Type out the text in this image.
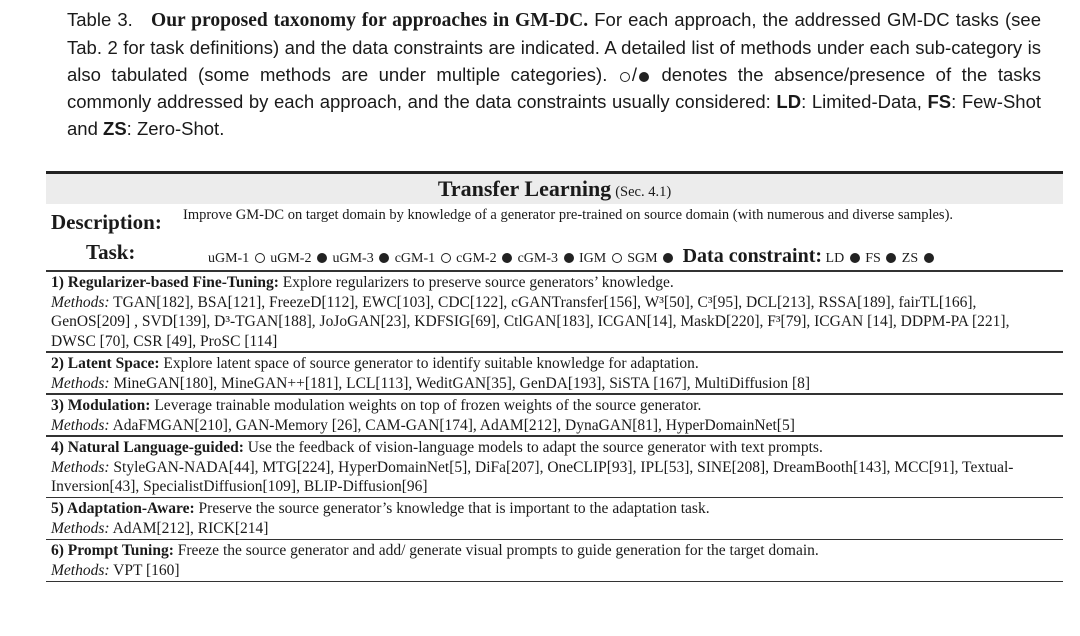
Table 3. Our proposed taxonomy for approaches in GM-DC. For each approach, the addressed GM-DC tasks (see Tab. 2 for task definitions) and the data constraints are indicated. A detailed list of methods under each sub-category is also tabulated (some methods are under multiple categories). / denotes the absence/presence of the tasks commonly addressed by each approach, and the data constraints usually considered: LD: Limited-Data, FS: Few-Shot and ZS: Zero-Shot.
Transfer Learning (Sec. 4.1)
Description: Improve GM-DC on target domain by knowledge of a generator pre-trained on source domain (with numerous and diverse samples).
Task:	uGM-1 uGM-2 uGM-3 cGM-1 cGM-2 cGM-3 IGM SGM Data constraint: LD FS ZS
1) Regularizer-based Fine-Tuning: Explore regularizers to preserve source generators’ knowledge.
Methods: TGAN[182], BSA[121], FreezeD[112], EWC[103], CDC[122], cGANTransfer[156], W³[50], C³[95], DCL[213], RSSA[189], fairTL[166], GenOS[209] , SVD[139], D³-TGAN[188], JoJoGAN[23], KDFSIG[69], CtlGAN[183], ICGAN[14], MaskD[220], F³[79], ICGAN [14], DDPM-PA [221], DWSC [70], CSR [49], ProSC [114]
2) Latent Space: Explore latent space of source generator to identify suitable knowledge for adaptation.
Methods: MineGAN[180], MineGAN++[181], LCL[113], WeditGAN[35], GenDA[193], SiSTA [167], MultiDiffusion [8]
3) Modulation: Leverage trainable modulation weights on top of frozen weights of the source generator.
Methods: AdaFMGAN[210], GAN-Memory [26], CAM-GAN[174], AdAM[212], DynaGAN[81], HyperDomainNet[5]
4) Natural Language-guided: Use the feedback of vision-language models to adapt the source generator with text prompts.
Methods: StyleGAN-NADA[44], MTG[224], HyperDomainNet[5], DiFa[207], OneCLIP[93], IPL[53], SINE[208], DreamBooth[143], MCC[91], Textual-Inversion[43], SpecialistDiffusion[109], BLIP-Diffusion[96]
5) Adaptation-Aware: Preserve the source generator’s knowledge that is important to the adaptation task.
Methods: AdAM[212], RICK[214]
6) Prompt Tuning: Freeze the source generator and add/ generate visual prompts to guide generation for the target domain.
Methods: VPT [160]
